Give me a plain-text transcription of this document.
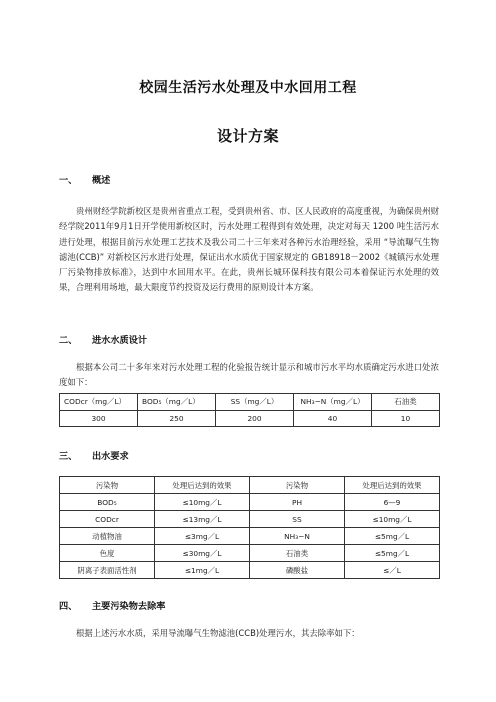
校园生活污水处理及中水回用工程
设计方案
一、 概述
贵州财经学院新校区是贵州省重点工程，受到贵州省、市、区人民政府的高度重视，为确保贵州财经学院2011年9月1日开学使用新校区时，污水处理工程得到有效处理，决定对每天 1200 吨生活污水进行处理，根据目前污水处理工艺技术及我公司二十三年来对各种污水治理经验，采用 “导流曝气生物滤池(CCB)” 对新校区污水进行处理，保证出水水质优于国家规定的 GB18918－2002《城镇污水处理厂污染物排放标准》，达到中水回用水平。在此，贵州长城环保科技有限公司本着保证污水处理的效果，合理利用场地，最大限度节约投资及运行费用的原则设计本方案。
二、 进水水质设计
根据本公司二十多年来对污水处理工程的化验报告统计显示和城市污水平均水质确定污水进口处浓度如下：
CODcr（mg／L）	BOD₅（mg／L）	SS（mg／L）	NH₃−N（mg／L）	石油类
300	250	200	40	10
三、 出水要求
污染物	处理后达到的效果	污染物	处理后达到的效果
BOD₅	≤10mg／L	PH	6—9
CODcr	≤13mg／L	SS	≤10mg／L
动植物油	≤3mg／L	NH₃−N	≤5mg／L
色度	≤30mg／L	石油类	≤5mg／L
阴离子表面活性剂	≤1mg／L	磷酸盐	≤／L
四、 主要污染物去除率
根据上述污水水质，采用导流曝气生物滤池(CCB)处理污水，其去除率如下：
